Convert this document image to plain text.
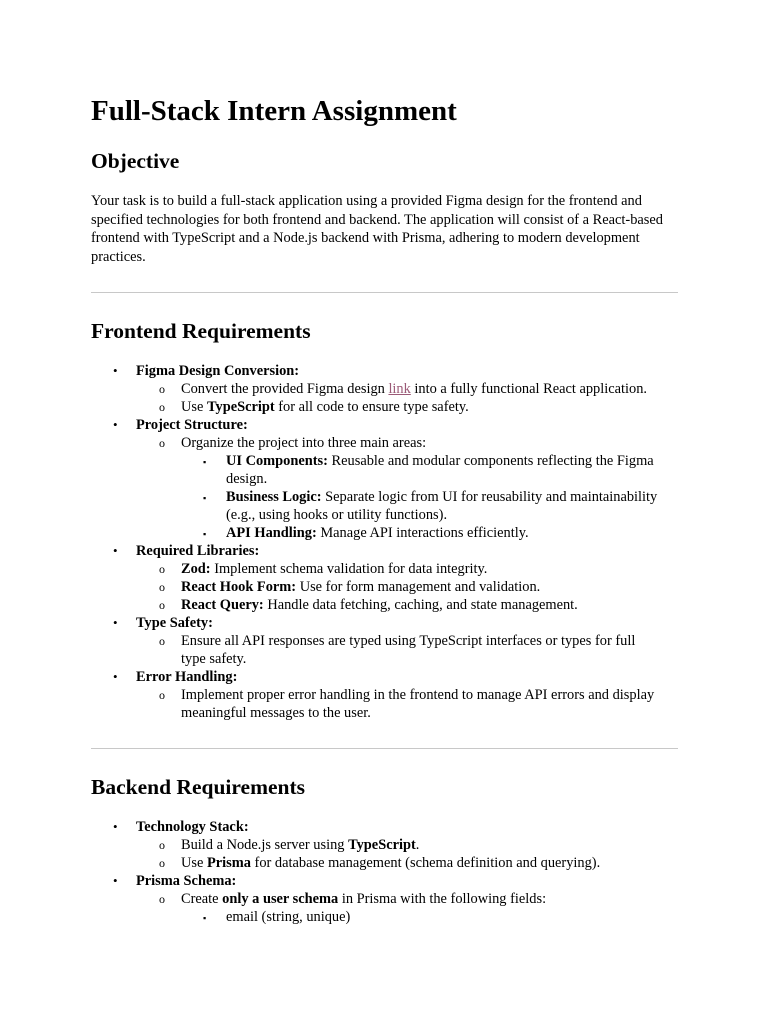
Full-Stack Intern Assignment
Objective

Your task is to build a full-stack application using a provided Figma design for the frontend and specified technologies for both frontend and backend. The application will consist of a React-based frontend with TypeScript and a Node.js backend with Prisma, adhering to modern development practices.

Frontend Requirements
• Figma Design Conversion:
o Convert the provided Figma design link into a fully functional React application.
o Use TypeScript for all code to ensure type safety.
• Project Structure:
o Organize the project into three main areas:
▪ UI Components: Reusable and modular components reflecting the Figma
design.
▪ Business Logic: Separate logic from UI for reusability and maintainability
(e.g., using hooks or utility functions).
▪ API Handling: Manage API interactions efficiently.
• Required Libraries:
o Zod: Implement schema validation for data integrity.
o React Hook Form: Use for form management and validation.
o React Query: Handle data fetching, caching, and state management.
• Type Safety:
o Ensure all API responses are typed using TypeScript interfaces or types for full
type safety.
• Error Handling:
o Implement proper error handling in the frontend to manage API errors and display
meaningful messages to the user.
Backend Requirements
• Technology Stack:
o Build a Node.js server using TypeScript.
o Use Prisma for database management (schema definition and querying).
• Prisma Schema:
o Create only a user schema in Prisma with the following fields:
▪ email (string, unique)
